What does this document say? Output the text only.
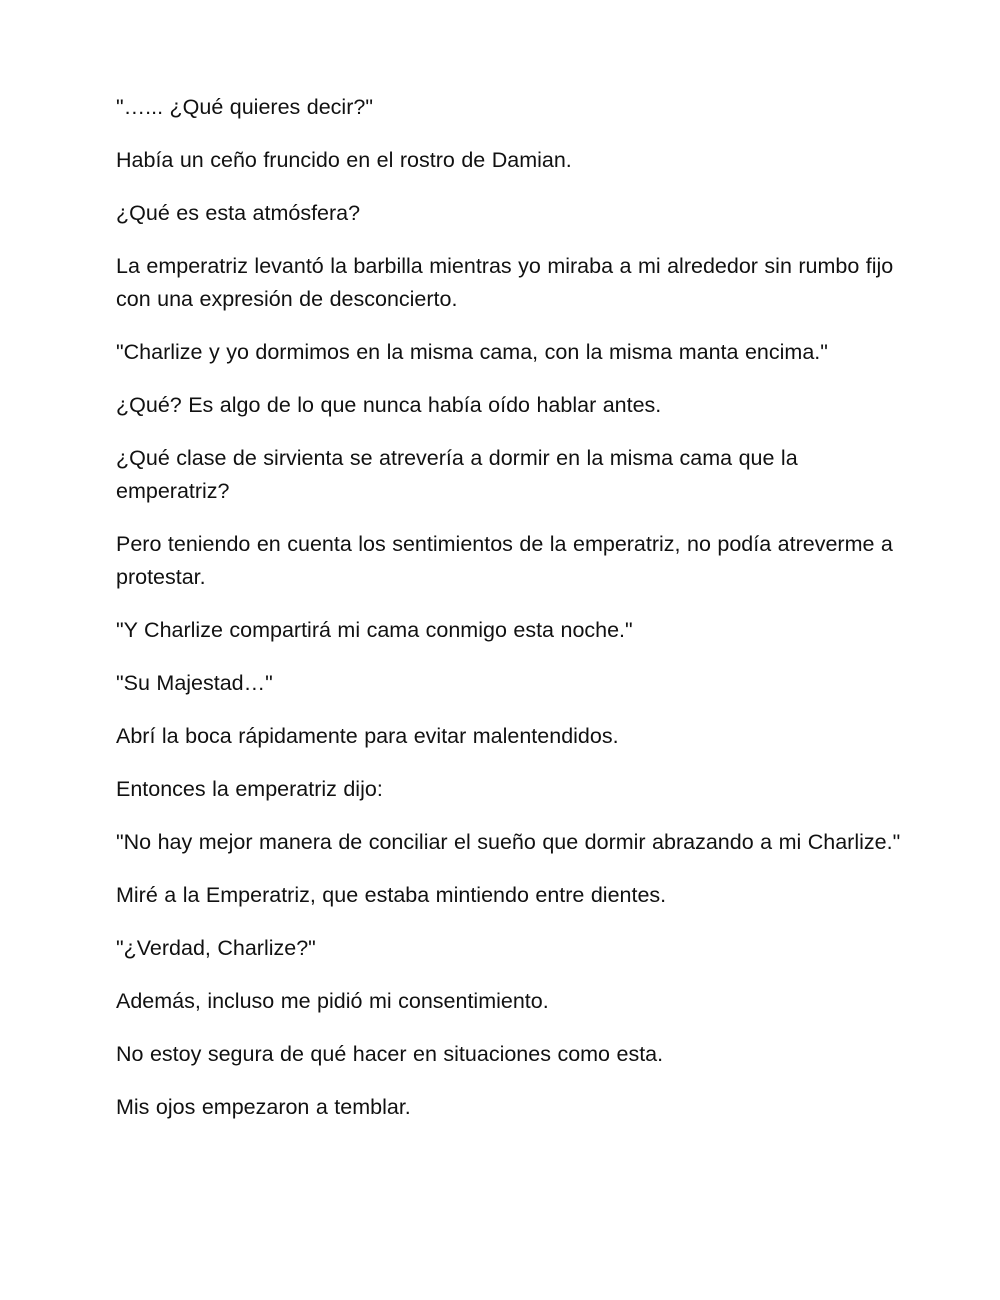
"…... ¿Qué quieres decir?"

Había un ceño fruncido en el rostro de Damian.

¿Qué es esta atmósfera?

La emperatriz levantó la barbilla mientras yo miraba a mi alrededor sin rumbo fijo con una expresión de desconcierto.

"Charlize y yo dormimos en la misma cama, con la misma manta encima."

¿Qué? Es algo de lo que nunca había oído hablar antes.

¿Qué clase de sirvienta se atrevería a dormir en la misma cama que la emperatriz?

Pero teniendo en cuenta los sentimientos de la emperatriz, no podía atreverme a protestar.

"Y Charlize compartirá mi cama conmigo esta noche."

"Su Majestad…"

Abrí la boca rápidamente para evitar malentendidos.

Entonces la emperatriz dijo:

"No hay mejor manera de conciliar el sueño que dormir abrazando a mi Charlize."

Miré a la Emperatriz, que estaba mintiendo entre dientes.

"¿Verdad, Charlize?"

Además, incluso me pidió mi consentimiento.

No estoy segura de qué hacer en situaciones como esta.

Mis ojos empezaron a temblar.
